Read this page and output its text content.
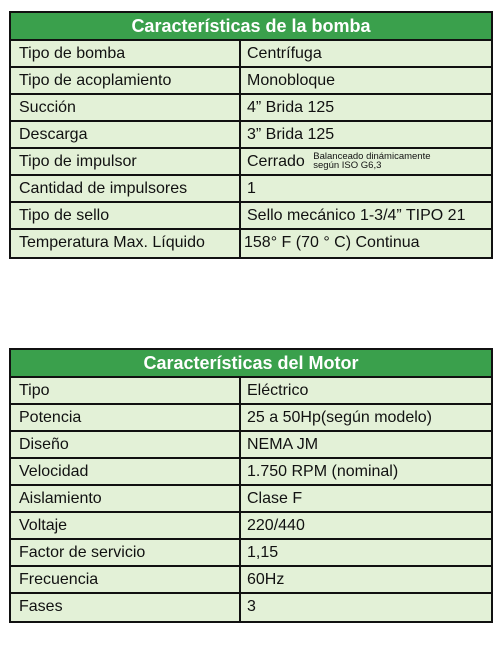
Características de la bomba
Tipo de bomba	Centrífuga
Tipo de acoplamiento	Monobloque
Succión	4” Brida 125
Descarga	3” Brida 125
Tipo de impulsor	Cerrado Balanceado dinámicamente
según ISO G6,3
Cantidad de impulsores	1
Tipo de sello	Sello mecánico 1-3/4” TIPO 21
Temperatura Max. Líquido	158° F (70 ° C) Continua
Características del Motor
Tipo	Eléctrico
Potencia	25 a 50Hp(según modelo)
Diseño	NEMA JM
Velocidad	1.750 RPM (nominal)
Aislamiento	Clase F
Voltaje	220/440
Factor de servicio	1,15
Frecuencia	60Hz
Fases	3
